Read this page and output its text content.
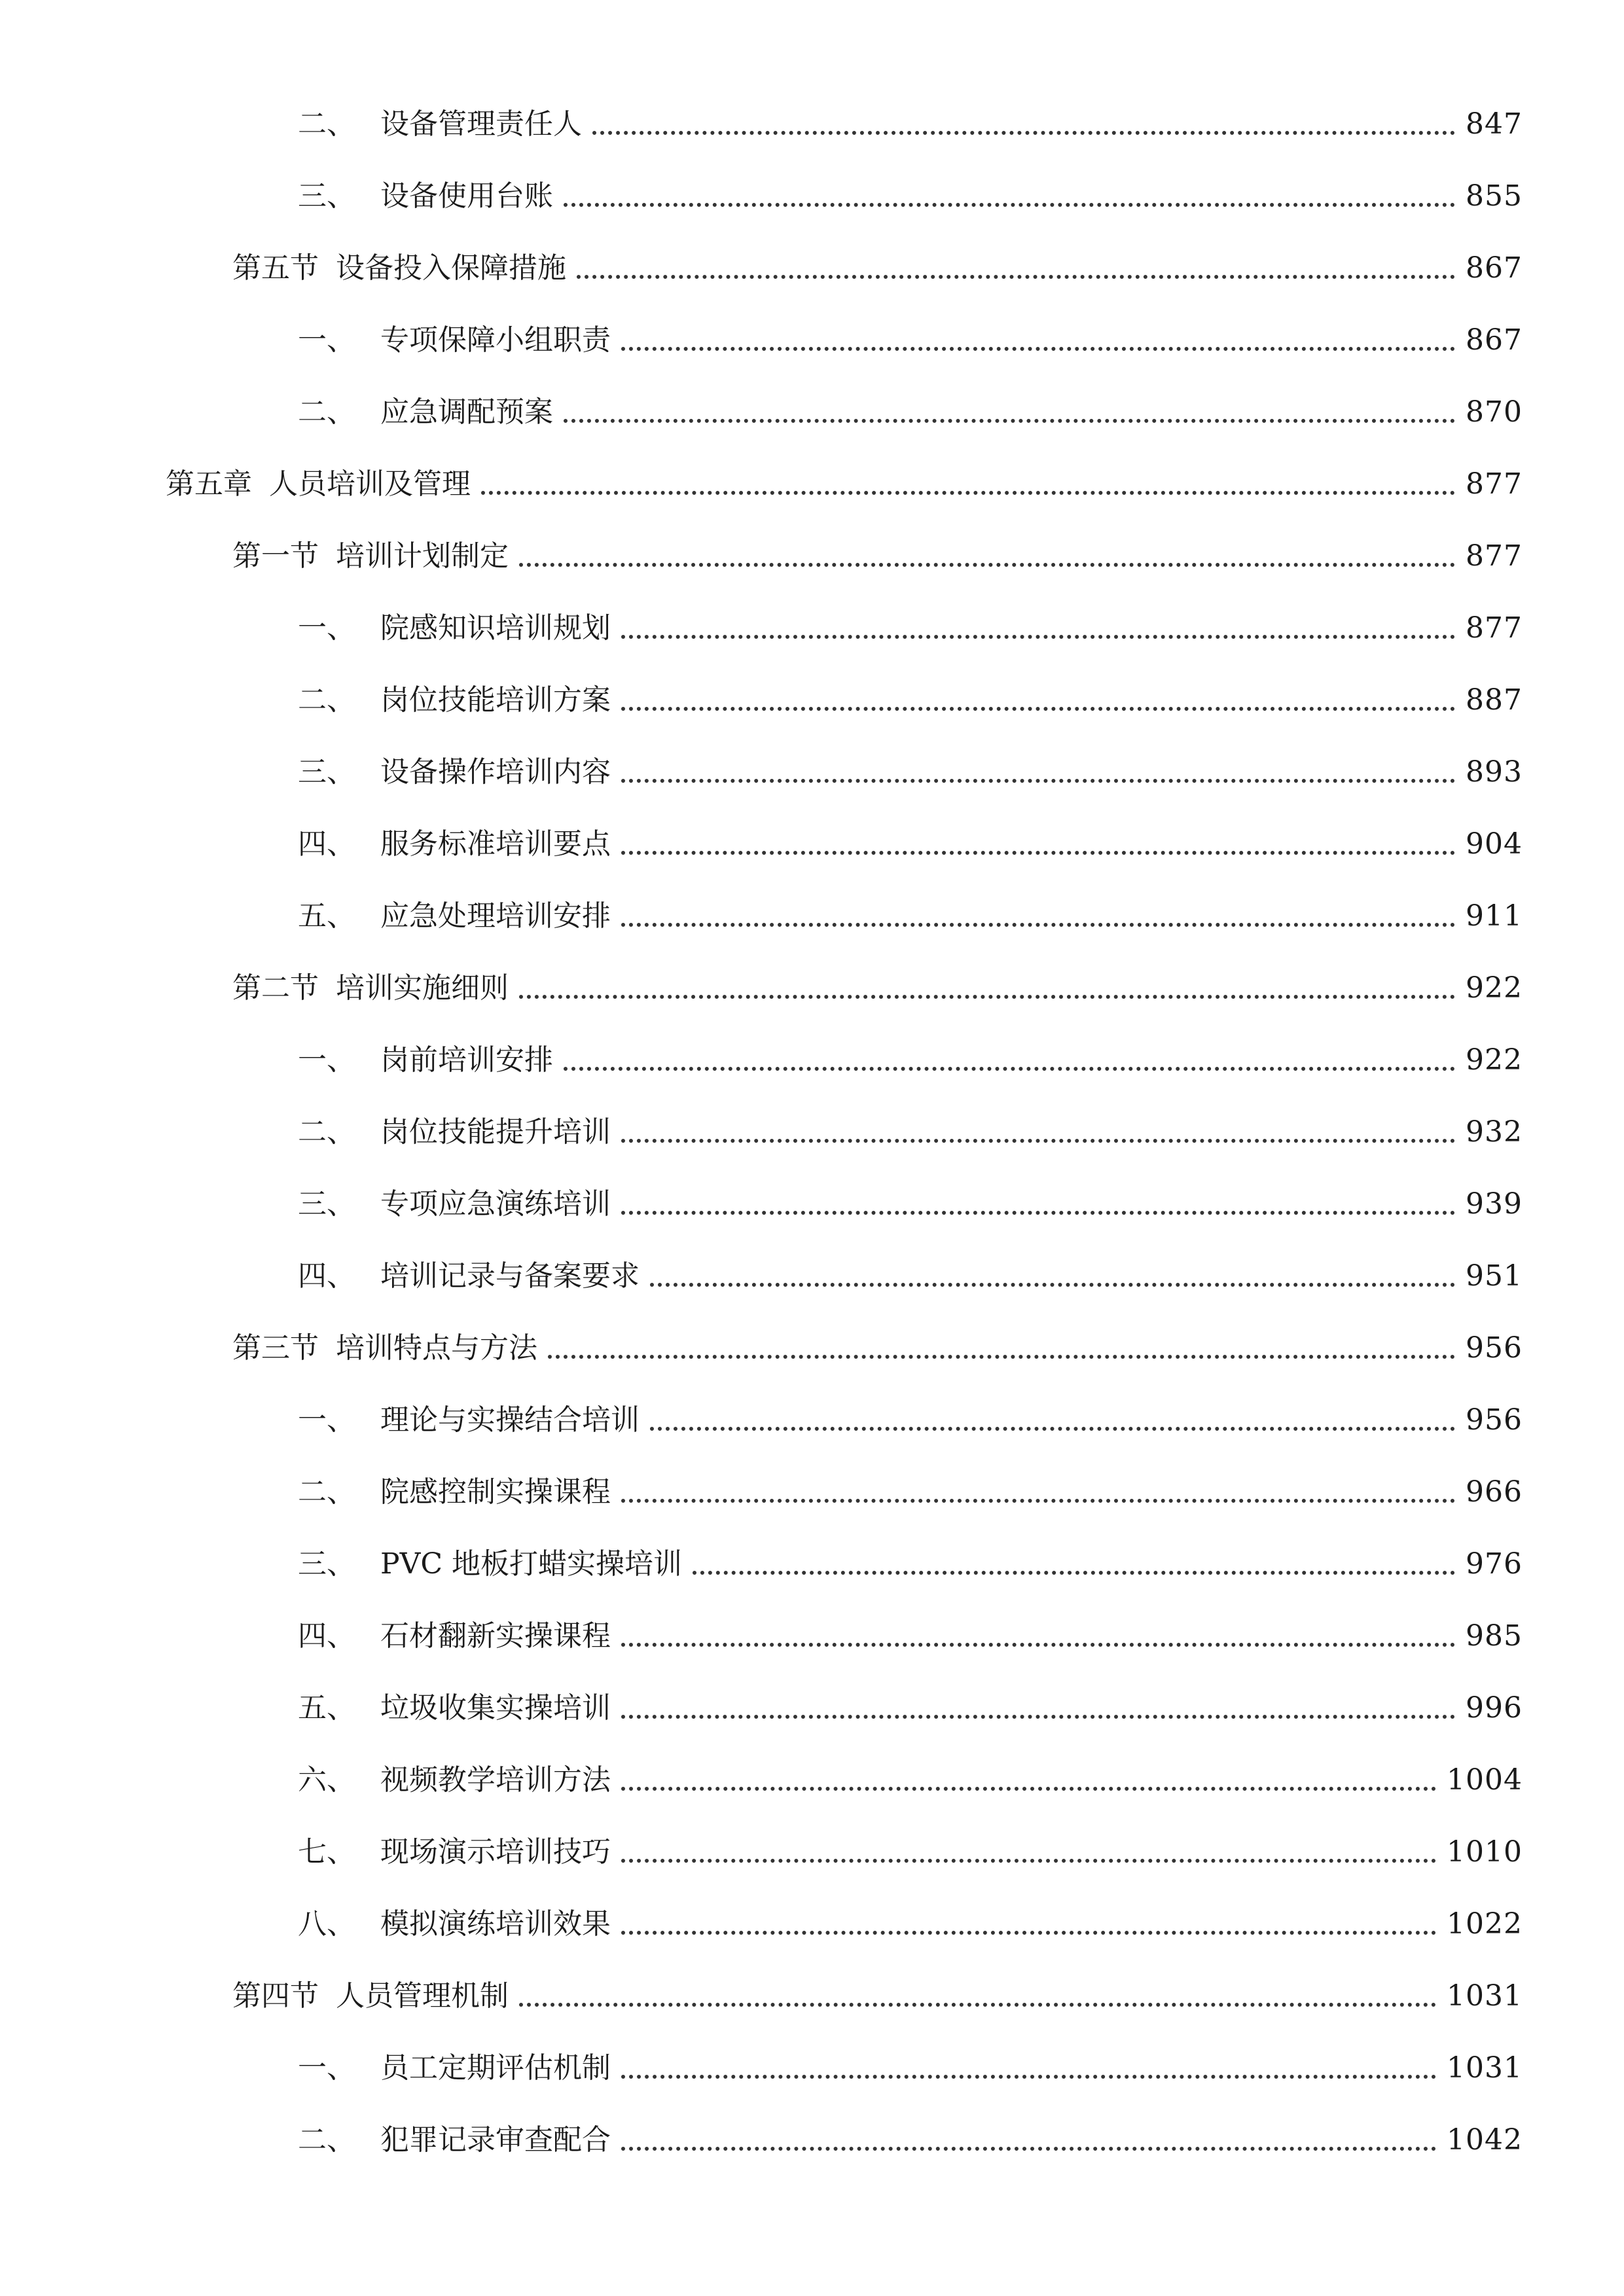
二、 设备管理责任人	847
三、 设备使用台账	855
第五节 设备投入保障措施	867
一、 专项保障小组职责	867
二、 应急调配预案	870
第五章 人员培训及管理	877
第一节 培训计划制定	877
一、 院感知识培训规划	877
二、 岗位技能培训方案	887
三、 设备操作培训内容	893
四、 服务标准培训要点	904
五、 应急处理培训安排	911
第二节 培训实施细则	922
一、 岗前培训安排	922
二、 岗位技能提升培训	932
三、 专项应急演练培训	939
四、 培训记录与备案要求	951
第三节 培训特点与方法	956
一、 理论与实操结合培训	956
二、 院感控制实操课程	966
三、 PVC 地板打蜡实操培训	976
四、 石材翻新实操课程	985
五、 垃圾收集实操培训	996
六、 视频教学培训方法	1004
七、 现场演示培训技巧	1010
八、 模拟演练培训效果	1022
第四节 人员管理机制	1031
一、 员工定期评估机制	1031
二、 犯罪记录审查配合	1042
